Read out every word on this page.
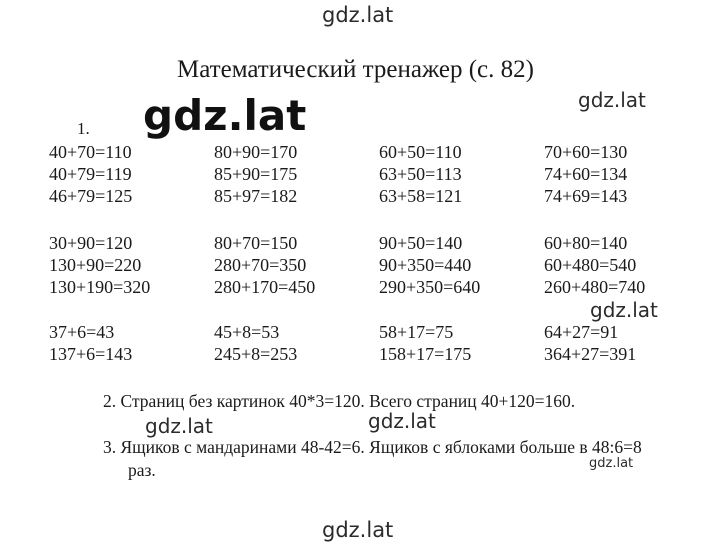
Математический тренажер (с. 82)
1.
40+70=110
40+79=119
46+79=125
80+90=170
85+90=175
85+97=182
60+50=110
63+50=113
63+58=121
70+60=130
74+60=134
74+69=143
30+90=120
130+90=220
130+190=320
80+70=150
280+70=350
280+170=450
90+50=140
90+350=440
290+350=640
60+80=140
60+480=540
260+480=740
37+6=43
137+6=143
45+8=53
245+8=253
58+17=75
158+17=175
64+27=91
364+27=391
2. Страниц без картинок 40*3=120. Всего страниц 40+120=160.
3. Ящиков с мандаринами 48-42=6. Ящиков с яблоками больше в 48:6=8
раз.
gdz.lat
gdz.lat	gdz.lat
gdz.lat
gdz.lat	gdz.lat
gdz.lat
gdz.lat
